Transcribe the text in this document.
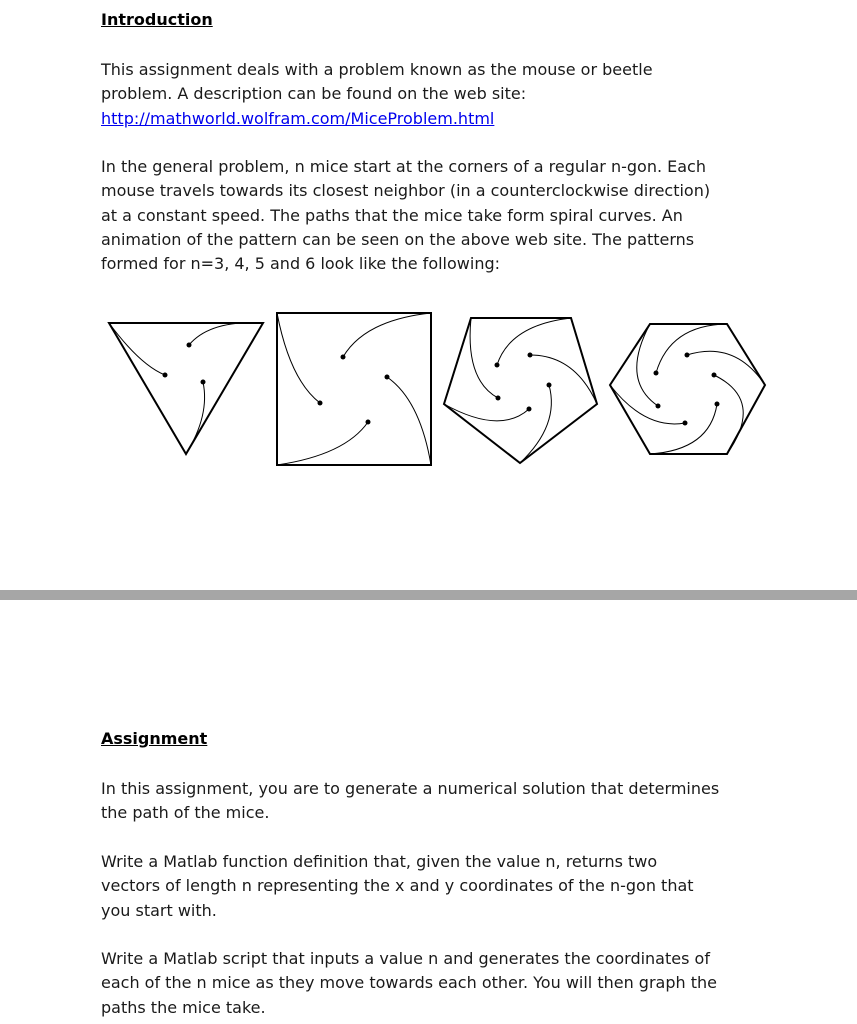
Introduction

This assignment deals with a problem known as the mouse or beetle
problem. A description can be found on the web site:
http://mathworld.wolfram.com/MiceProblem.html

In the general problem, n mice start at the corners of a regular n-gon. Each
mouse travels towards its closest neighbor (in a counterclockwise direction)
at a constant speed. The paths that the mice take form spiral curves. An
animation of the pattern can be seen on the above web site. The patterns
formed for n=3, 4, 5 and 6 look like the following:

Assignment

In this assignment, you are to generate a numerical solution that determines
the path of the mice.

Write a Matlab function definition that, given the value n, returns two
vectors of length n representing the x and y coordinates of the n-gon that
you start with.

Write a Matlab script that inputs a value n and generates the coordinates of
each of the n mice as they move towards each other. You will then graph the
paths the mice take.
